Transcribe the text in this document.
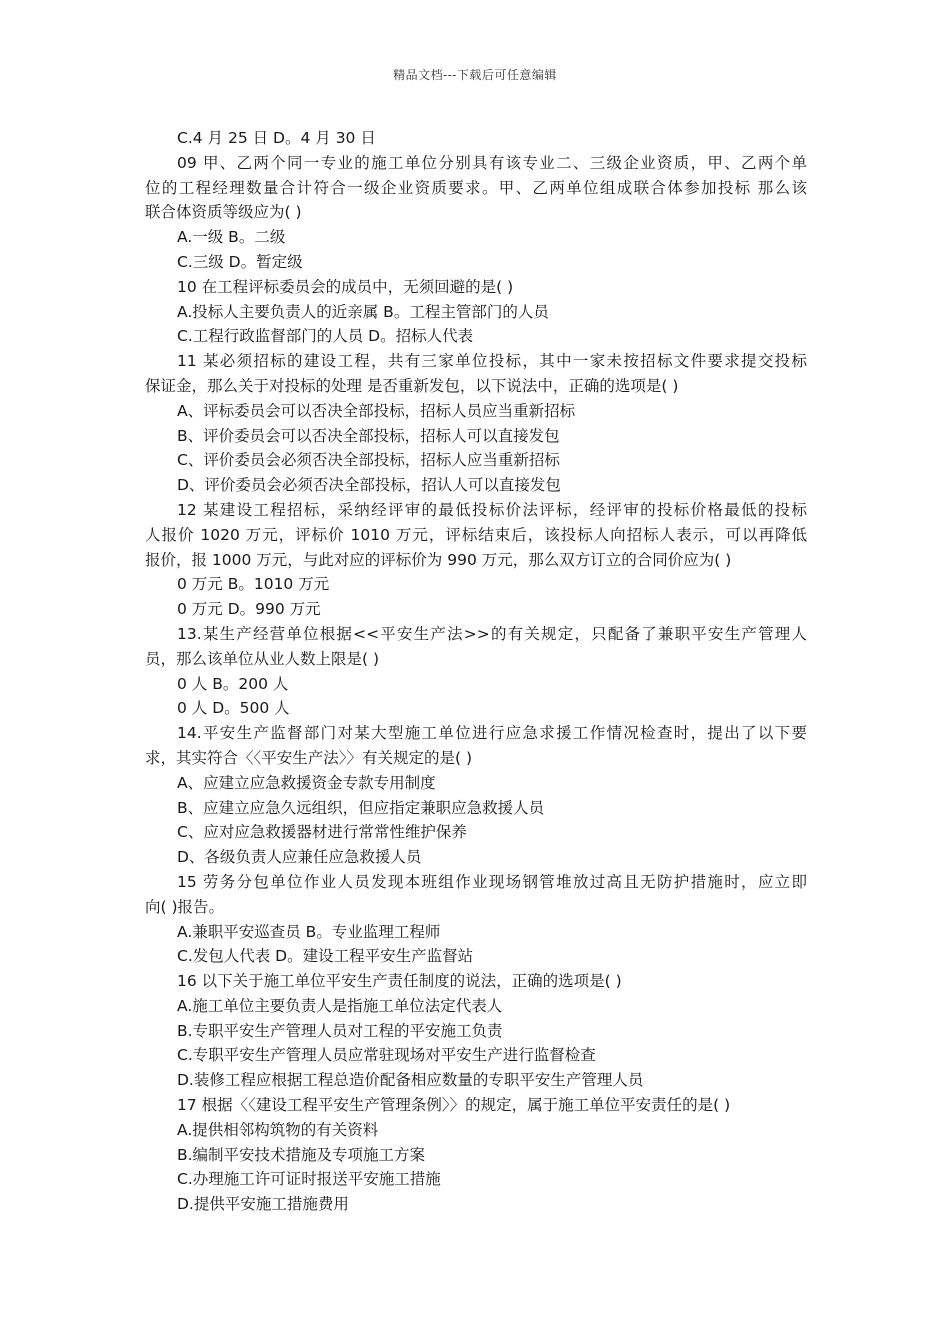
精品文档---下载后可任意编辑
C.4 月 25 日 D。4 月 30 日
09 甲、乙两个同一专业的施工单位分别具有该专业二、三级企业资质，甲、乙两个单
位的工程经理数量合计符合一级企业资质要求。甲、乙两单位组成联合体参加投标 那么该
联合体资质等级应为( )
A.一级 B。二级
C.三级 D。暂定级
10 在工程评标委员会的成员中，无须回避的是( )
A.投标人主要负责人的近亲属 B。工程主管部门的人员
C.工程行政监督部门的人员 D。招标人代表
11 某必须招标的建设工程，共有三家单位投标，其中一家未按招标文件要求提交投标
保证金，那么关于对投标的处理 是否重新发包，以下说法中，正确的选项是( )
A、评标委员会可以否决全部投标，招标人员应当重新招标
B、评价委员会可以否决全部投标，招标人可以直接发包
C、评价委员会必须否决全部投标，招标人应当重新招标
D、评价委员会必须否决全部投标，招认人可以直接发包
12 某建设工程招标，采纳经评审的最低投标价法评标，经评审的投标价格最低的投标
人报价 1020 万元，评标价 1010 万元，评标结束后，该投标人向招标人表示，可以再降低
报价，报 1000 万元，与此对应的评标价为 990 万元，那么双方订立的合同价应为( )
0 万元 B。1010 万元
0 万元 D。990 万元
13.某生产经营单位根据<<平安生产法>>的有关规定，只配备了兼职平安生产管理人
员，那么该单位从业人数上限是( )
0 人 B。200 人
0 人 D。500 人
14.平安生产监督部门对某大型施工单位进行应急求援工作情况检查时，提出了以下要
求，其实符合〈〈平安生产法〉〉有关规定的是( )
A、应建立应急救援资金专款专用制度
B、应建立应急久远组织，但应指定兼职应急救援人员
C、应对应急救援器材进行常常性维护保养
D、各级负责人应兼任应急救援人员
15 劳务分包单位作业人员发现本班组作业现场钢管堆放过高且无防护措施时，应立即
向( )报告。
A.兼职平安巡查员 B。专业监理工程师
C.发包人代表 D。建设工程平安生产监督站
16 以下关于施工单位平安生产责任制度的说法，正确的选项是( )
A.施工单位主要负责人是指施工单位法定代表人
B.专职平安生产管理人员对工程的平安施工负责
C.专职平安生产管理人员应常驻现场对平安生产进行监督检查
D.装修工程应根据工程总造价配备相应数量的专职平安生产管理人员
17 根据〈〈建设工程平安生产管理条例〉〉的规定，属于施工单位平安责任的是( )
A.提供相邻构筑物的有关资料
B.编制平安技术措施及专项施工方案
C.办理施工许可证时报送平安施工措施
D.提供平安施工措施费用
